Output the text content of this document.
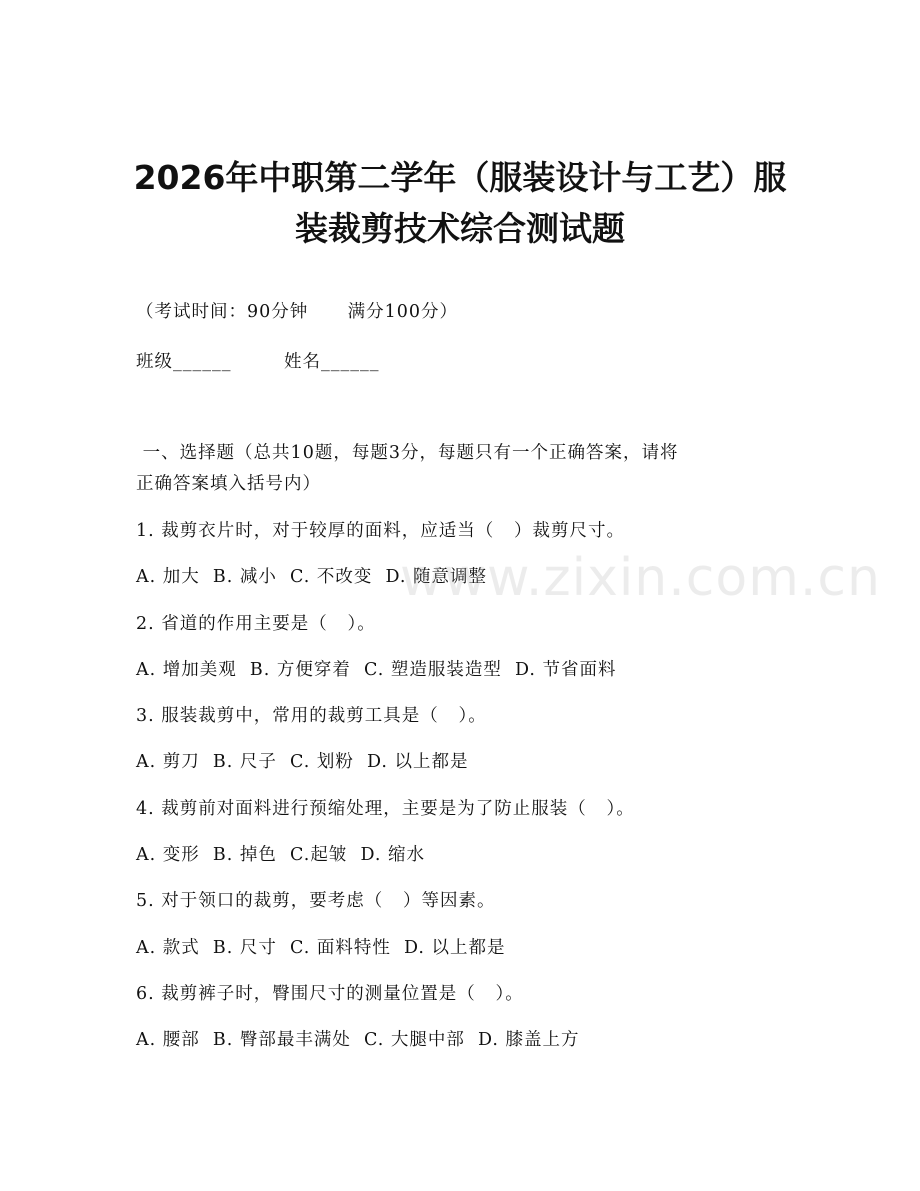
2026年中职第二学年（服装设计与工艺）服
装裁剪技术综合测试题
（考试时间：90分钟      满分100分）
班级______        姓名______
一、选择题（总共10题，每题3分，每题只有一个正确答案，请将
正确答案填入括号内）
1. 裁剪衣片时，对于较厚的面料，应适当（   ）裁剪尺寸。
A. 加大  B. 减小  C. 不改变  D. 随意调整
2. 省道的作用主要是（   ）。
A. 增加美观  B. 方便穿着  C. 塑造服装造型  D. 节省面料
3. 服装裁剪中，常用的裁剪工具是（   ）。
A. 剪刀  B. 尺子  C. 划粉  D. 以上都是
4. 裁剪前对面料进行预缩处理，主要是为了防止服装（   ）。
A. 变形  B. 掉色  C.起皱  D. 缩水
5. 对于领口的裁剪，要考虑（   ）等因素。
A. 款式  B. 尺寸  C. 面料特性  D. 以上都是
6. 裁剪裤子时，臀围尺寸的测量位置是（   ）。
A. 腰部  B. 臀部最丰满处  C. 大腿中部  D. 膝盖上方
www.zixin.com.cn
